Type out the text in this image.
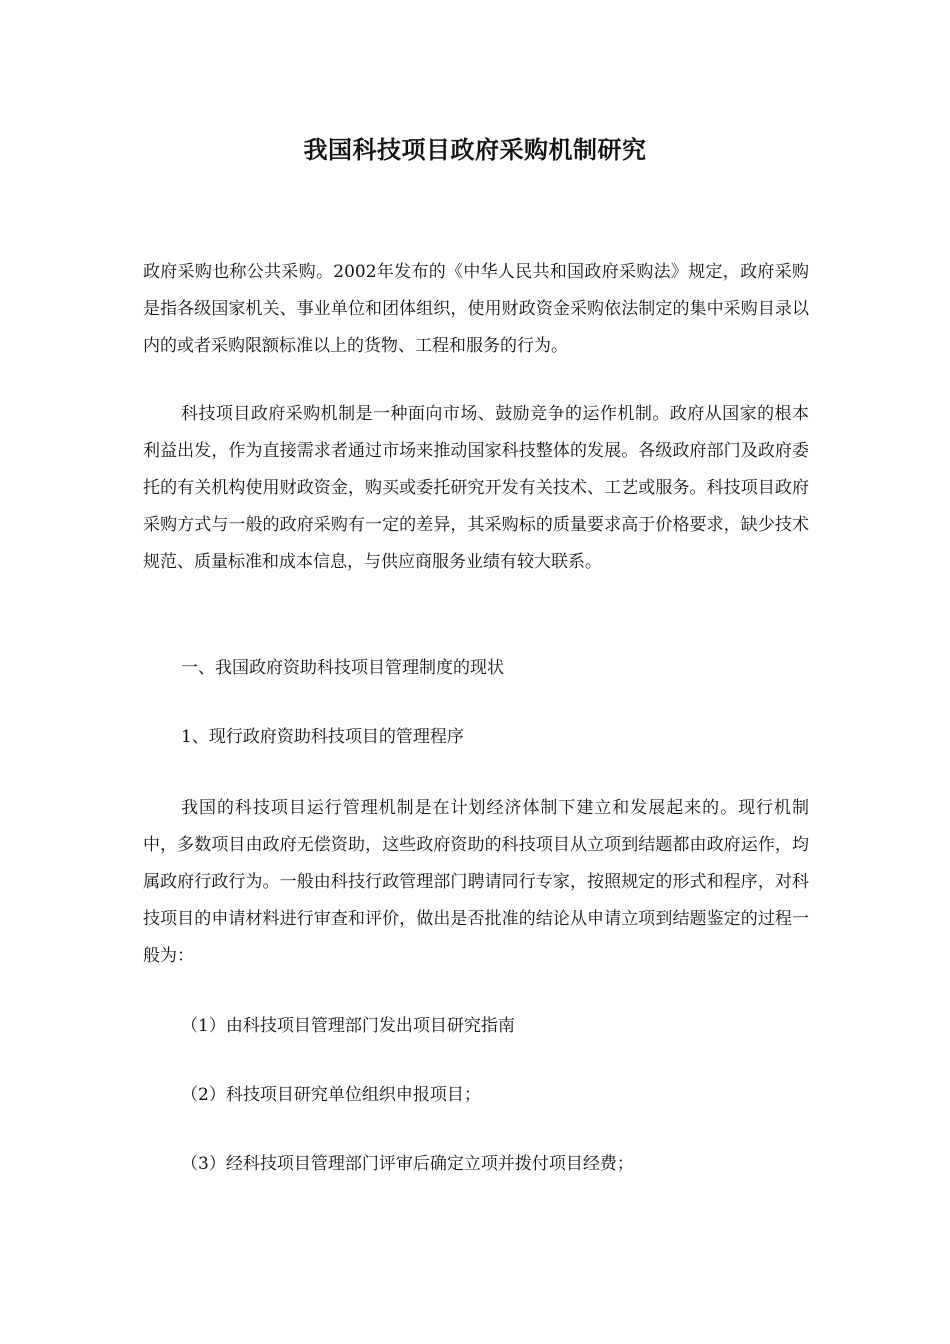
我国科技项目政府采购机制研究

政府采购也称公共采购。2002年发布的《中华人民共和国政府采购法》规定，政府采购是指各级国家机关、事业单位和团体组织，使用财政资金采购依法制定的集中采购目录以内的或者采购限额标准以上的货物、工程和服务的行为。

科技项目政府采购机制是一种面向市场、鼓励竞争的运作机制。政府从国家的根本利益出发，作为直接需求者通过市场来推动国家科技整体的发展。各级政府部门及政府委托的有关机构使用财政资金，购买或委托研究开发有关技术、工艺或服务。科技项目政府采购方式与一般的政府采购有一定的差异，其采购标的质量要求高于价格要求，缺少技术规范、质量标准和成本信息，与供应商服务业绩有较大联系。

一、我国政府资助科技项目管理制度的现状

1、现行政府资助科技项目的管理程序

我国的科技项目运行管理机制是在计划经济体制下建立和发展起来的。现行机制中，多数项目由政府无偿资助，这些政府资助的科技项目从立项到结题都由政府运作，均属政府行政行为。一般由科技行政管理部门聘请同行专家，按照规定的形式和程序，对科技项目的申请材料进行审查和评价，做出是否批准的结论从申请立项到结题鉴定的过程一般为：

（1）由科技项目管理部门发出项目研究指南

（2）科技项目研究单位组织申报项目；

（3）经科技项目管理部门评审后确定立项并拨付项目经费；
